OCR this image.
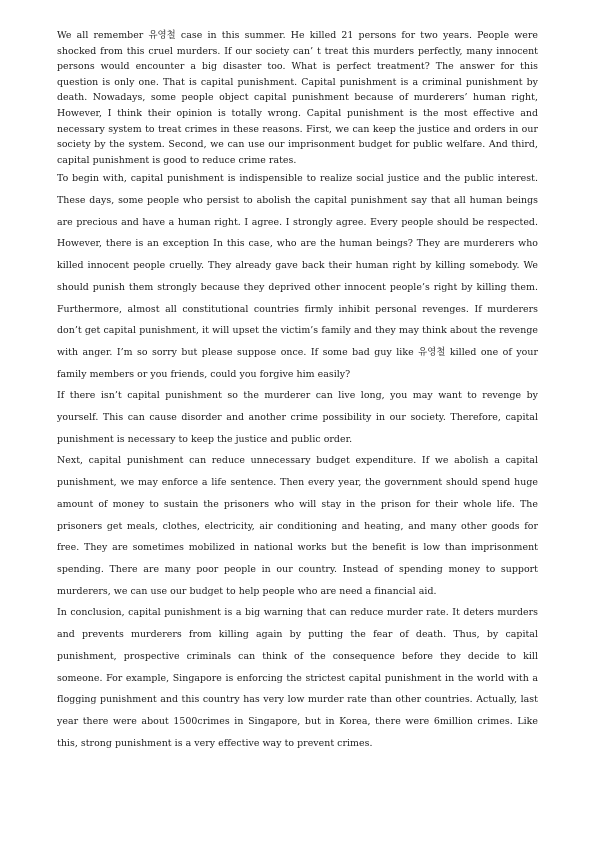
We all remember 유영철 case in this summer. He killed 21 persons for two years. People were shocked from this cruel murders. If our society can’ t treat this murders perfectly, many innocent persons would encounter a big disaster too. What is perfect treatment? The answer for this question is only one. That is capital punishment. Capital punishment is a criminal punishment by death. Nowadays, some people object capital punishment because of murderers’ human right, However, I think their opinion is totally wrong. Capital punishment is the most effective and necessary system to treat crimes in these reasons. First, we can keep the justice and orders in our society by the system. Second, we can use our imprisonment budget for public welfare. And third, capital punishment is good to reduce crime rates.

To begin with, capital punishment is indispensible to realize social justice and the public interest. These days, some people who persist to abolish the capital punishment say that all human beings are precious and have a human right. I agree. I strongly agree. Every people should be respected. However, there is an exception In this case, who are the human beings? They are murderers who killed innocent people cruelly. They already gave back their human right by killing somebody. We should punish them strongly because they deprived other innocent people’s right by killing them. Furthermore, almost all constitutional countries firmly inhibit personal revenges. If murderers don’t get capital punishment, it will upset the victim’s family and they may think about the revenge with anger. I’m so sorry but please suppose once. If some bad guy like 유영철 killed one of your family members or you friends, could you forgive him easily?

If there isn’t capital punishment so the murderer can live long, you may want to revenge by yourself. This can cause disorder and another crime possibility in our society. Therefore, capital punishment is necessary to keep the justice and public order.

Next, capital punishment can reduce unnecessary budget expenditure. If we abolish a capital punishment, we may enforce a life sentence. Then every year, the government should spend huge amount of money to sustain the prisoners who will stay in the prison for their whole life. The prisoners get meals, clothes, electricity, air conditioning and heating, and many other goods for free. They are sometimes mobilized in national works but the benefit is low than imprisonment spending. There are many poor people in our country. Instead of spending money to support murderers, we can use our budget to help people who are need a financial aid.

In conclusion, capital punishment is a big warning that can reduce murder rate. It deters murders and prevents murderers from killing again by putting the fear of death. Thus, by capital punishment, prospective criminals can think of the consequence before they decide to kill someone. For example, Singapore is enforcing the strictest capital punishment in the world with a flogging punishment and this country has very low murder rate than other countries. Actually, last year there were about 1500crimes in Singapore, but in Korea, there were 6million crimes. Like this, strong punishment is a very effective way to prevent crimes.
